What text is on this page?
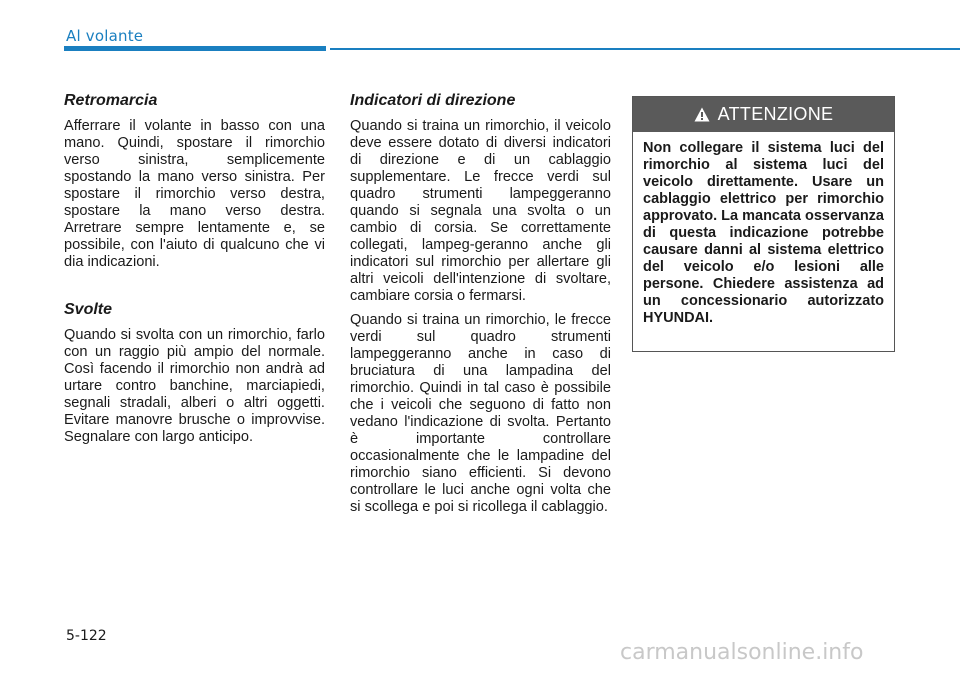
Al volante
Retromarcia

Afferrare il volante in basso con una mano. Quindi, spostare il rimorchio verso sinistra, semplicemente spostando la mano verso sinistra. Per spostare il rimorchio verso destra, spostare la mano verso destra. Arretrare sempre lentamente e, se possibile, con l'aiuto di qualcuno che vi dia indicazioni.

Svolte

Quando si svolta con un rimorchio, farlo con un raggio più ampio del normale. Così facendo il rimorchio non andrà ad urtare contro banchine, marciapiedi, segnali stradali, alberi o altri oggetti. Evitare manovre brusche o improvvise. Segnalare con largo anticipo.

Indicatori di direzione

Quando si traina un rimorchio, il veicolo deve essere dotato di diversi indicatori di direzione e di un cablaggio supplementare. Le frecce verdi sul quadro strumenti lampeggeranno quando si segnala una svolta o un cambio di corsia. Se correttamente collegati, lampeg-geranno anche gli indicatori sul rimorchio per allertare gli altri veicoli dell'intenzione di svoltare, cambiare corsia o fermarsi.

Quando si traina un rimorchio, le frecce verdi sul quadro strumenti lampeggeranno anche in caso di bruciatura di una lampadina del rimorchio. Quindi in tal caso è possibile che i veicoli che seguono di fatto non vedano l'indicazione di svolta. Pertanto è importante controllare occasionalmente che le lampadine del rimorchio siano efficienti. Si devono controllare le luci anche ogni volta che si scollega e poi si ricollega il cablaggio.

ATTENZIONE
Non collegare il sistema luci del rimorchio al sistema luci del veicolo direttamente. Usare un cablaggio elettrico per rimorchio approvato. La mancata osservanza di questa indicazione potrebbe causare danni al sistema elettrico del veicolo e/o lesioni alle persone. Chiedere assistenza ad un concessionario autorizzato HYUNDAI.
5-122
carmanualsonline.info
